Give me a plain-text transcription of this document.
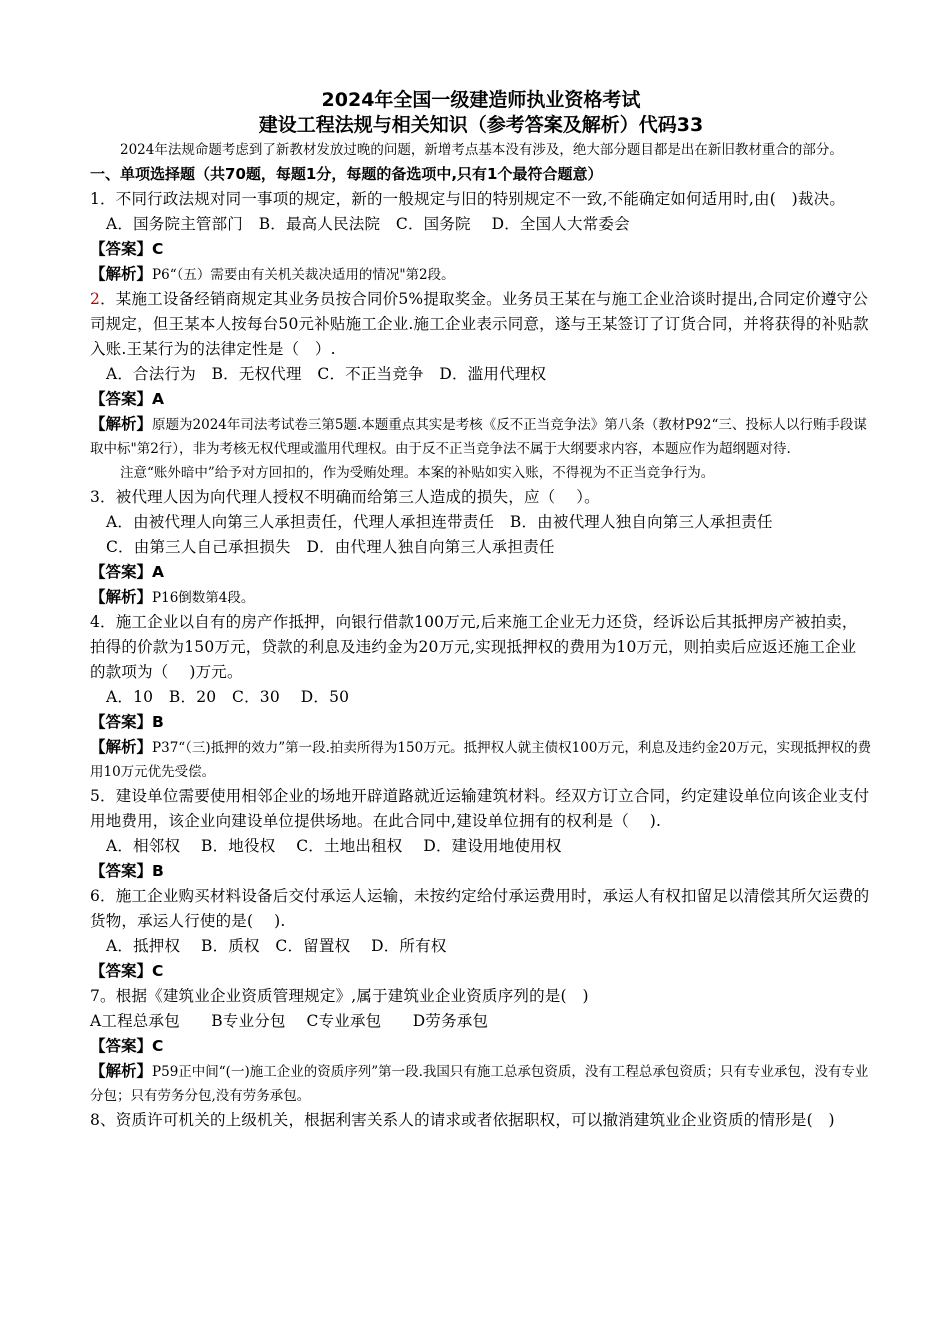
2024年全国一级建造师执业资格考试

建设工程法规与相关知识（参考答案及解析）代码33

2024年法规命题考虑到了新教材发放过晚的问题，新增考点基本没有涉及，绝大部分题目都是出在新旧教材重合的部分。

一、单项选择题（共70题，每题1分，每题的备选项中,只有1个最符合题意）

1．不同行政法规对同一事项的规定，新的一般规定与旧的特别规定不一致,不能确定如何适用时,由(　)裁决。

A．国务院主管部门　B．最高人民法院　C．国务院　 D．全国人大常委会

【答案】C

【解析】P6“（五）需要由有关机关裁决适用的情况"第2段。

2．某施工设备经销商规定其业务员按合同价5%提取奖金。业务员王某在与施工企业洽谈时提出,合同定价遵守公司规定，但王某本人按每台50元补贴施工企业.施工企业表示同意，遂与王某签订了订货合同，并将获得的补贴款入账.王某行为的法律定性是（　）.

A．合法行为　B．无权代理　C．不正当竞争　D．滥用代理权

【答案】A

【解析】原题为2024年司法考试卷三第5题.本题重点其实是考核《反不正当竞争法》第八条（教材P92“三、投标人以行贿手段谋取中标"第2行），非为考核无权代理或滥用代理权。由于反不正当竞争法不属于大纲要求内容，本题应作为超纲题对待.

注意“账外暗中”给予对方回扣的，作为受贿处理。本案的补贴如实入账，不得视为不正当竞争行为。

3．被代理人因为向代理人授权不明确而给第三人造成的损失，应（　 ）。

A．由被代理人向第三人承担责任，代理人承担连带责任　B．由被代理人独自向第三人承担责任

C．由第三人自己承担损失　D．由代理人独自向第三人承担责任

【答案】A

【解析】P16倒数第4段。

4．施工企业以自有的房产作抵押，向银行借款100万元,后来施工企业无力还贷，经诉讼后其抵押房产被拍卖，拍得的价款为150万元，贷款的利息及违约金为20万元,实现抵押权的费用为10万元，则拍卖后应返还施工企业的款项为（　 )万元。

A．10　B．20　C．30　 D．50

【答案】B

【解析】P37“（三)抵押的效力”第一段.拍卖所得为150万元。抵押权人就主债权100万元，利息及违约金20万元，实现抵押权的费用10万元优先受偿。

5．建设单位需要使用相邻企业的场地开辟道路就近运输建筑材料。经双方订立合同，约定建设单位向该企业支付用地费用，该企业向建设单位提供场地。在此合同中,建设单位拥有的权利是（　 ).

A．相邻权　 B．地役权　 C．土地出租权　 D．建设用地使用权

【答案】B

6．施工企业购买材料设备后交付承运人运输，未按约定给付承运费用时，承运人有权扣留足以清偿其所欠运费的货物，承运人行使的是(　 ).

A．抵押权　 B．质权　C．留置权　 D．所有权

【答案】C

7。根据《建筑业企业资质管理规定》,属于建筑业企业资质序列的是(　)

A工程总承包　　B专业分包　 C专业承包　　D劳务承包

【答案】C

【解析】P59正中间“(一)施工企业的资质序列”第一段.我国只有施工总承包资质，没有工程总承包资质；只有专业承包，没有专业分包；只有劳务分包,没有劳务承包。

8、资质许可机关的上级机关，根据利害关系人的请求或者依据职权，可以撤消建筑业企业资质的情形是(　)
